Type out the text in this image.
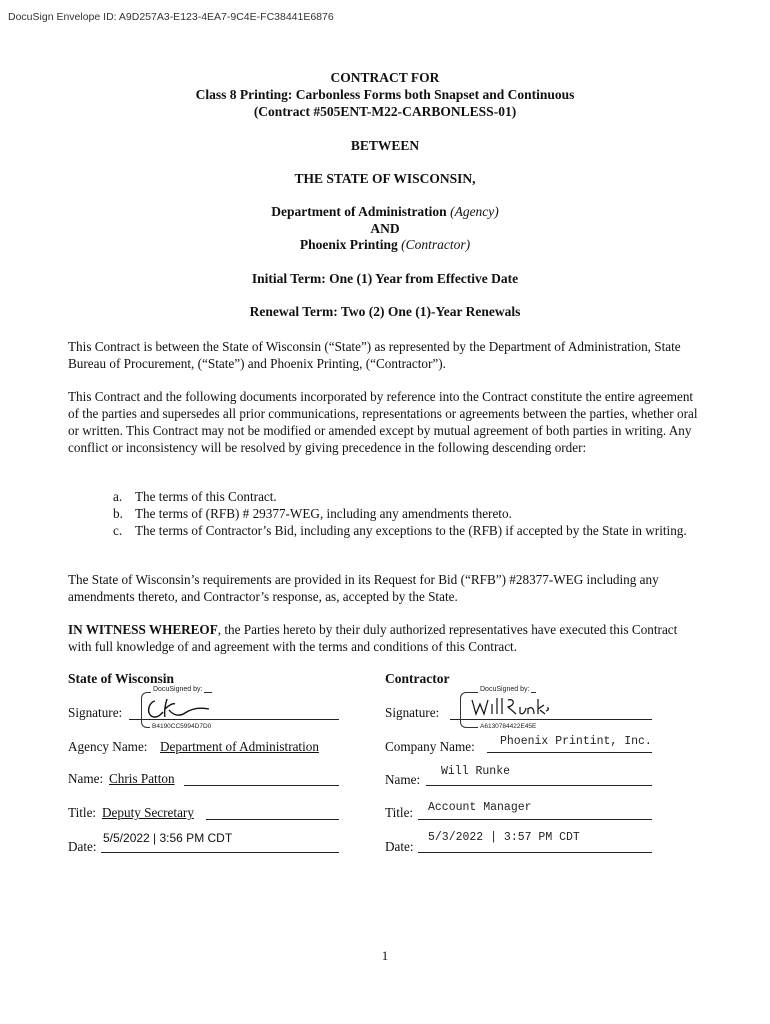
DocuSign Envelope ID: A9D257A3-E123-4EA7-9C4E-FC38441E6876
CONTRACT FOR
Class 8 Printing: Carbonless Forms both Snapset and Continuous
(Contract #505ENT-M22-CARBONLESS-01)
BETWEEN
THE STATE OF WISCONSIN,
Department of Administration (Agency)
AND
Phoenix Printing (Contractor)
Initial Term: One (1) Year from Effective Date
Renewal Term: Two (2) One (1)-Year Renewals

This Contract is between the State of Wisconsin (“State”) as represented by the Department of Administration, State Bureau of Procurement, (“State”) and Phoenix Printing, (“Contractor”).

This Contract and the following documents incorporated by reference into the Contract constitute the entire agreement of the parties and supersedes all prior communications, representations or agreements between the parties, whether oral or written. This Contract may not be modified or amended except by mutual agreement of both parties in writing. Any conflict or inconsistency will be resolved by giving precedence in the following descending order:

a. The terms of this Contract.
b. The terms of (RFB) # 29377-WEG, including any amendments thereto.
c. The terms of Contractor’s Bid, including any exceptions to the (RFB) if accepted by the State in writing.

The State of Wisconsin’s requirements are provided in its Request for Bid (“RFB”) #28377-WEG including any amendments thereto, and Contractor’s response, as, accepted by the State.

IN WITNESS WHEREOF, the Parties hereto by their duly authorized representatives have executed this Contract with full knowledge of and agreement with the terms and conditions of this Contract.

State of Wisconsin
Signature:
DocuSigned by:
B4190CC5994D7D0
Agency Name: Department of Administration
Name: Chris Patton
Title: Deputy Secretary
Date:
5/5/2022 | 3:56 PM CDT
Contractor
Signature:
DocuSigned by:
A6130784422E45E
Company Name: Phoenix Printint, Inc.
Name:
Will Runke
Title: Account Manager
Date:
5/3/2022 | 3:57 PM CDT
1
